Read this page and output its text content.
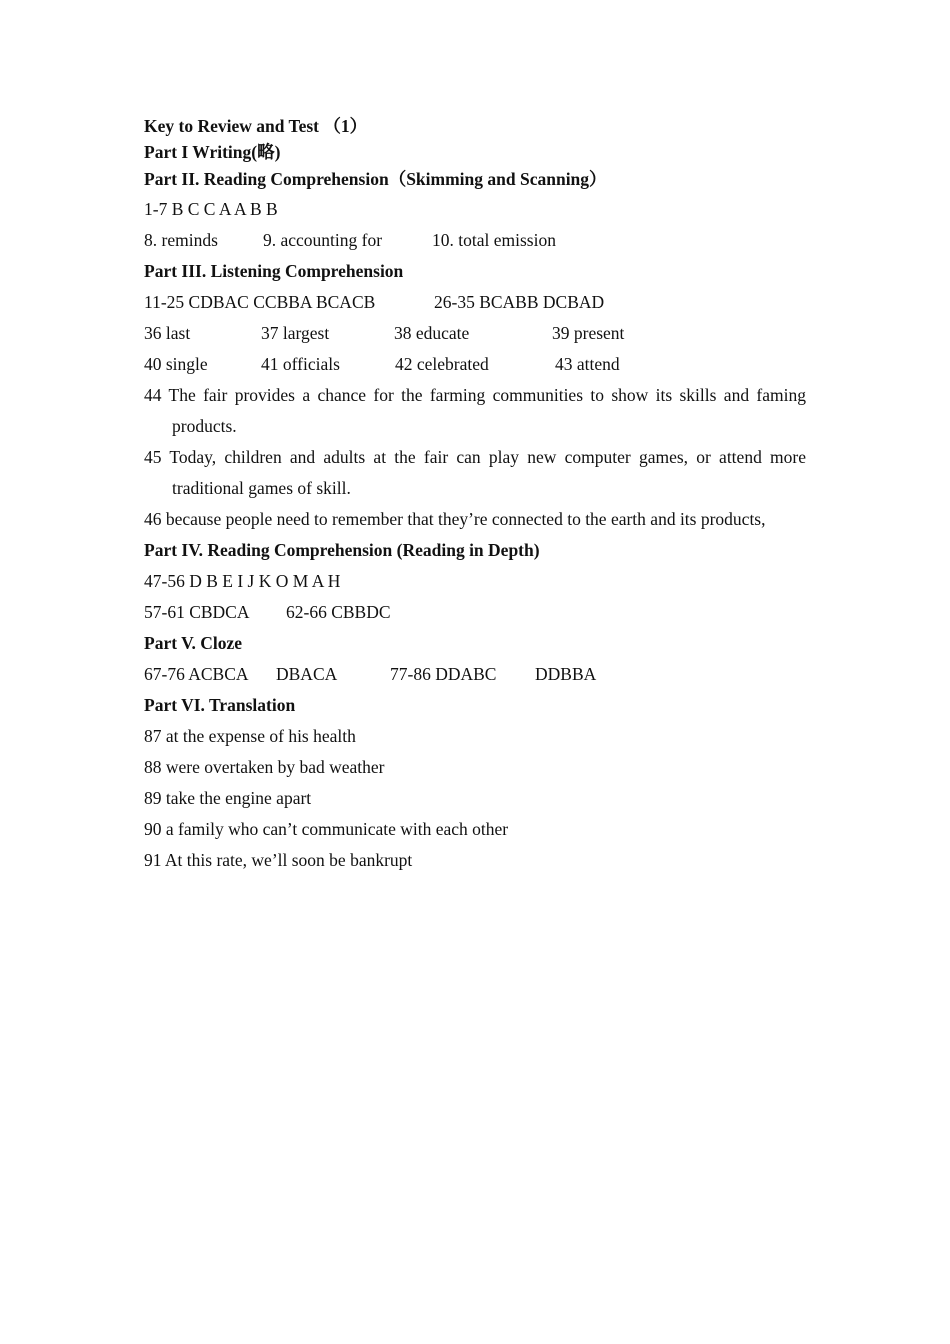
Key to Review and Test （1）
Part I Writing(略)
Part II. Reading Comprehension（Skimming and Scanning）
1-7 B C C A A B B
8. reminds	9. accounting for	10. total emission
Part III. Listening Comprehension
11-25 CDBAC CCBBA BCACB	26-35 BCABB DCBAD
36 last	37 largest	38 educate	39 present
40 single	41 officials	42 celebrated	43 attend
44 The fair provides a chance for the farming communities to show its skills and faming products.
45 Today, children and adults at the fair can play new computer games, or attend more traditional games of skill.
46 because people need to remember that they’re connected to the earth and its products,
Part IV. Reading Comprehension (Reading in Depth)
47-56 D B E I J K O M A H
57-61 CBDCA 62-66 CBBDC
Part V. Cloze
67-76 ACBCA DBACA	77-86 DDABC DDBBA
Part VI. Translation
87 at the expense of his health
88 were overtaken by bad weather
89 take the engine apart
90 a family who can’t communicate with each other
91 At this rate, we’ll soon be bankrupt
